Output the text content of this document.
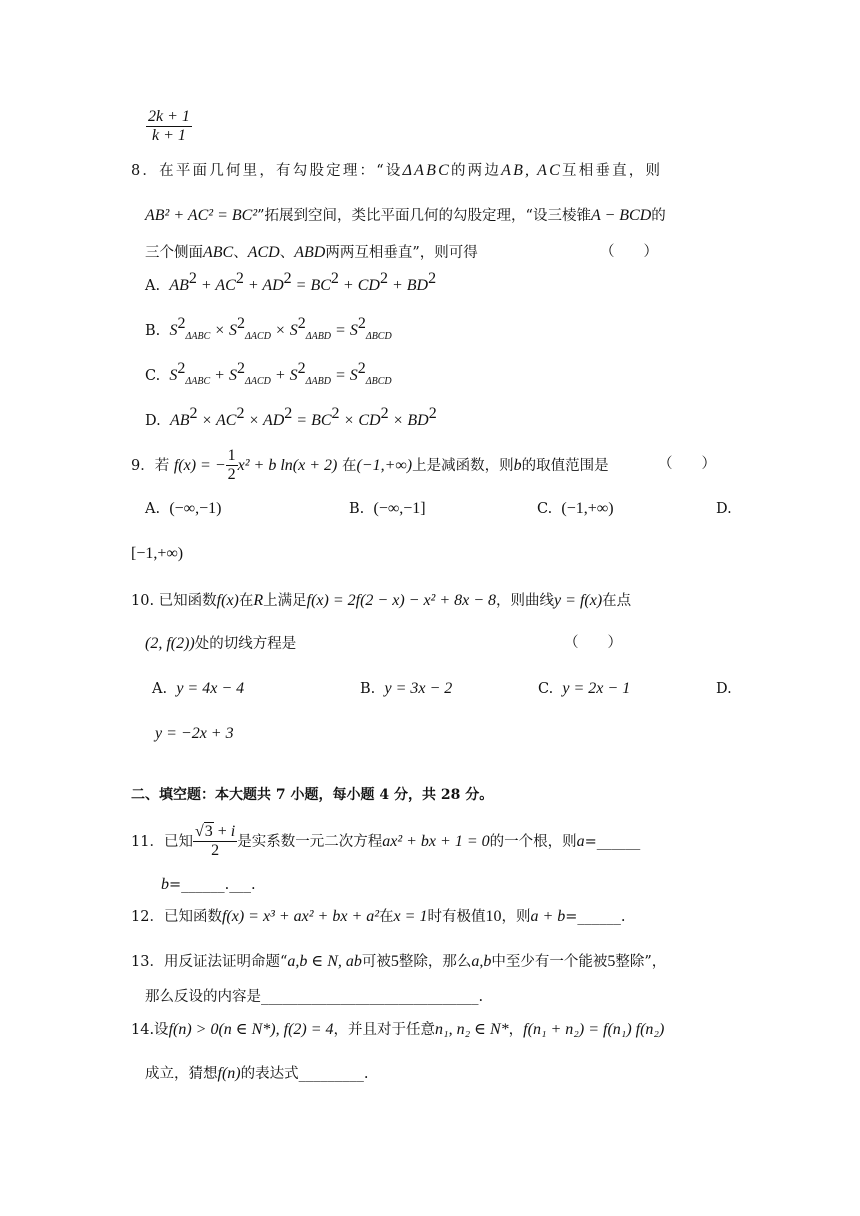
$\frac{2k + 1}{k + 1}$
8．在平面几何里，有勾股定理：“设ΔABC的两边AB, AC互相垂直，则
AB² + AC² = BC²”拓展到空间，类比平面几何的勾股定理，“设三棱锥A − BCD的
三个侧面ABC、ACD、ABD两两互相垂直”，则可得	（　　）
A. $AB^2 + AC^2 + AD^2 = BC^2 + CD^2 + BD^2$
B. $S^2_{\Delta ABC} \times S^2_{\Delta ACD} \times S^2_{\Delta ABD} = S^2_{\Delta BCD}$
C. $S^2_{\Delta ABC} + S^2_{\Delta ACD} + S^2_{\Delta ABD} = S^2_{\Delta BCD}$
D. $AB^2 \times AC^2 \times AD^2 = BC^2 \times CD^2 \times BD^2$
9．若 f(x) = − $\frac{1}{2} x^2 + b$ ln(x + 2) 在(−1,+∞)上是减函数，则b的取值范围是	（　　）
A. (−∞,−1)	B. (−∞,−1]	C. (−1,+∞)	D.
[−1,+∞)
10. 已知函数f(x)在R上满足f(x) = 2f(2 − x) − x² + 8x − 8，则曲线y = f(x)在点
(2, f(2))处的切线方程是	（　　）
A. y = 4x − 4	B. y = 3x − 2	C. y = 2x − 1	D.
y = −2x + 3
二、填空题：本大题共 7 小题，每小题 4 分，共 28 分。
11．已知 $\frac{√3 + i}{2}$ 是实系数一元二次方程ax² + bx + 1 = 0的一个根，则a=______
b=______.___.
12．已知函数f(x) = x³ + ax² + bx + a²在x = 1时有极值10，则a + b=______.
13．用反证法证明命题“a,b ∈ N, ab可被5整除，那么a,b中至少有一个能被5整除”，
那么反设的内容是______________________________.
14.设f(n) > 0(n ∈ N*), f(2) = 4，并且对于任意n₁, n₂ ∈ N*，f(n₁ + n₂) = f(n₁) f(n₂)
成立，猜想f(n)的表达式_________.
